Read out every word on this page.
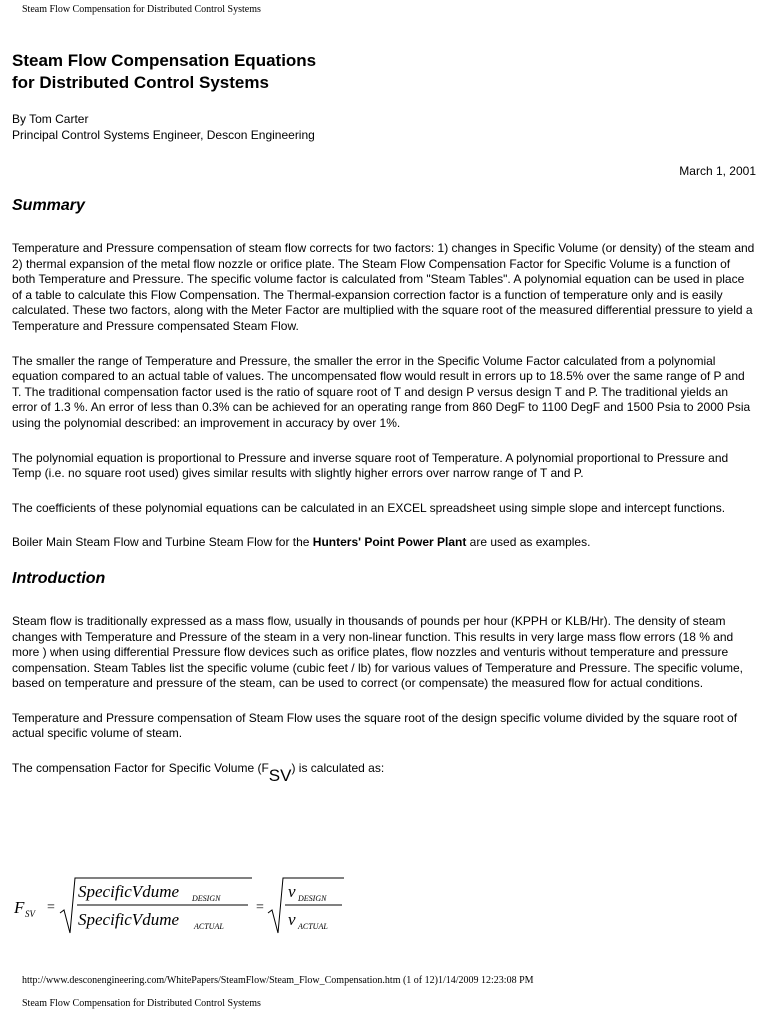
Steam Flow Compensation for Distributed Control Systems
Steam Flow Compensation Equations
for Distributed Control Systems
By Tom Carter
Principal Control Systems Engineer, Descon Engineering
March 1, 2001
Summary

Temperature and Pressure compensation of steam flow corrects for two factors: 1) changes in Specific Volume (or density) of the steam and 2) thermal expansion of the metal flow nozzle or orifice plate. The Steam Flow Compensation Factor for Specific Volume is a function of both Temperature and Pressure. The specific volume factor is calculated from "Steam Tables". A polynomial equation can be used in place of a table to calculate this Flow Compensation. The Thermal-expansion correction factor is a function of temperature only and is easily calculated. These two factors, along with the Meter Factor are multiplied with the square root of the measured differential pressure to yield a Temperature and Pressure compensated Steam Flow.

The smaller the range of Temperature and Pressure, the smaller the error in the Specific Volume Factor calculated from a polynomial equation compared to an actual table of values. The uncompensated flow would result in errors up to 18.5% over the same range of P and T. The traditional compensation factor used is the ratio of square root of T and design P versus design T and P. The traditional yields an error of 1.3 %. An error of less than 0.3% can be achieved for an operating range from 860 DegF to 1100 DegF and 1500 Psia to 2000 Psia using the polynomial described: an improvement in accuracy by over 1%.

The polynomial equation is proportional to Pressure and inverse square root of Temperature. A polynomial proportional to Pressure and Temp (i.e. no square root used) gives similar results with slightly higher errors over narrow range of T and P.

The coefficients of these polynomial equations can be calculated in an EXCEL spreadsheet using simple slope and intercept functions.

Boiler Main Steam Flow and Turbine Steam Flow for the Hunters' Point Power Plant are used as examples.

Introduction

Steam flow is traditionally expressed as a mass flow, usually in thousands of pounds per hour (KPPH or KLB/Hr). The density of steam changes with Temperature and Pressure of the steam in a very non-linear function. This results in very large mass flow errors (18 % and more ) when using differential Pressure flow devices such as orifice plates, flow nozzles and venturis without temperature and pressure compensation. Steam Tables list the specific volume (cubic feet / lb) for various values of Temperature and Pressure. The specific volume, based on temperature and pressure of the steam, can be used to correct (or compensate) the measured flow for actual conditions.

Temperature and Pressure compensation of Steam Flow uses the square root of the design specific volume divided by the square root of actual specific volume of steam.

The compensation Factor for Specific Volume $(F_{SV})$ is calculated as:

F SV =
SpecificVdume DESIGN
SpecificVdume ACTUAL
=
v DESIGN
v ACTUAL
http://www.desconengineering.com/WhitePapers/SteamFlow/Steam_Flow_Compensation.htm (1 of 12)1/14/2009 12:23:08 PM
Steam Flow Compensation for Distributed Control Systems
